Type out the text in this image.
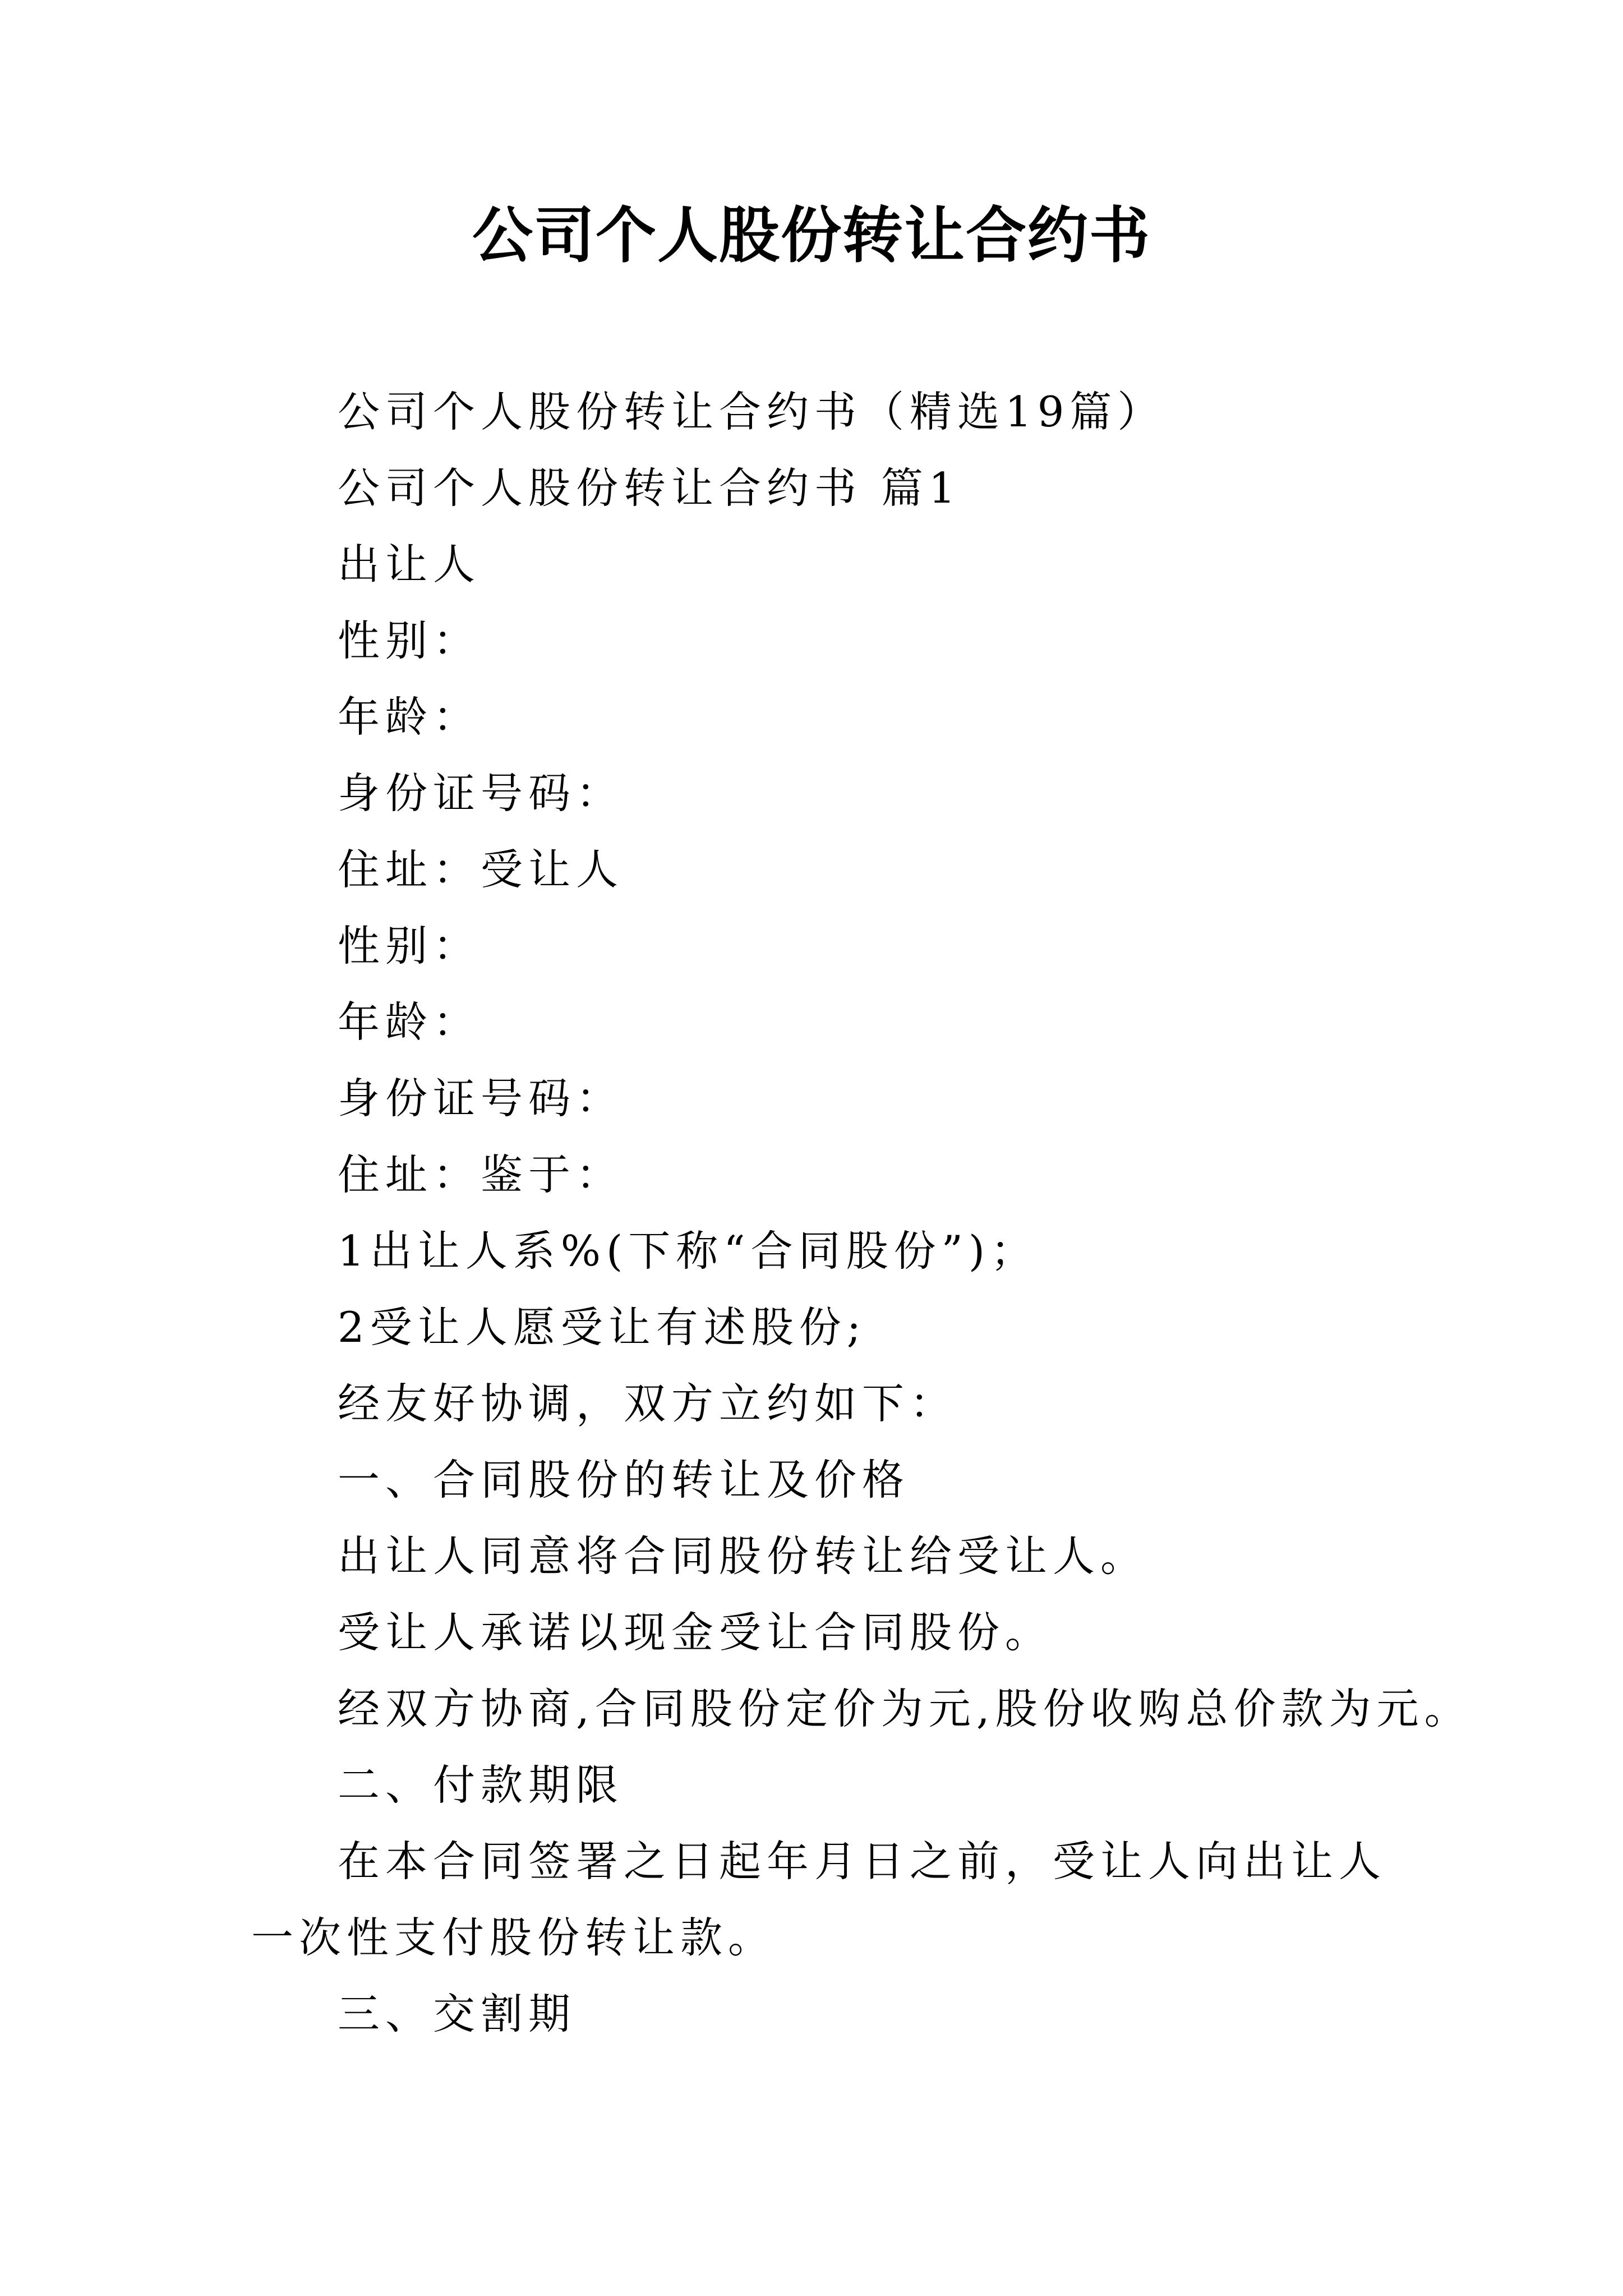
公司个人股份转让合约书

公司个人股份转让合约书（精选19篇）

公司个人股份转让合约书 篇1

出让人

性别：

年龄：

身份证号码：

住址：受让人

性别：

年龄：

身份证号码：

住址：鉴于：

1出让人系%(下称“合同股份”)；

2受让人愿受让有述股份;

经友好协调，双方立约如下：

一、合同股份的转让及价格

出让人同意将合同股份转让给受让人。

受让人承诺以现金受让合同股份。

经双方协商,合同股份定价为元,股份收购总价款为元。

二、付款期限

在本合同签署之日起年月日之前，受让人向出让人一次性支付股份转让款。

三、交割期
